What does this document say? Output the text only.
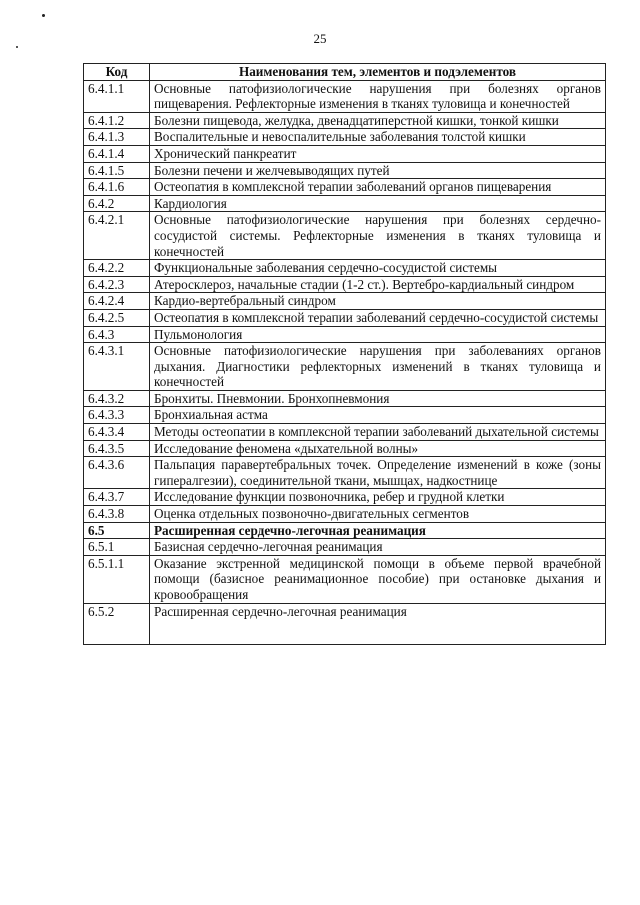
25
Код	Наименования тем, элементов и подэлементов
6.4.1.1	Основные патофизиологические нарушения при болезнях органов пищеварения. Рефлекторные изменения в тканях туловища и конечностей
6.4.1.2	Болезни пищевода, желудка, двенадцатиперстной кишки, тонкой кишки
6.4.1.3	Воспалительные и невоспалительные заболевания толстой кишки
6.4.1.4	Хронический панкреатит
6.4.1.5	Болезни печени и желчевыводящих путей
6.4.1.6	Остеопатия в комплексной терапии заболеваний органов пищеварения
6.4.2	Кардиология
6.4.2.1	Основные патофизиологические нарушения при болезнях сердечно-сосудистой системы. Рефлекторные изменения в тканях туловища и конечностей
6.4.2.2	Функциональные заболевания сердечно-сосудистой системы
6.4.2.3	Атеросклероз, начальные стадии (1-2 ст.). Вертебро-кардиальный синдром
6.4.2.4	Кардио-вертебральный синдром
6.4.2.5	Остеопатия в комплексной терапии заболеваний сердечно-сосудистой системы
6.4.3	Пульмонология
6.4.3.1	Основные патофизиологические нарушения при заболеваниях органов дыхания. Диагностики рефлекторных изменений в тканях туловища и конечностей
6.4.3.2	Бронхиты. Пневмонии. Бронхопневмония
6.4.3.3	Бронхиальная астма
6.4.3.4	Методы остеопатии в комплексной терапии заболеваний дыхательной системы
6.4.3.5	Исследование феномена «дыхательной волны»
6.4.3.6	Пальпация паравертебральных точек. Определение изменений в коже (зоны гипералгезии), соединительной ткани, мышцах, надкостнице
6.4.3.7	Исследование функции позвоночника, ребер и грудной клетки
6.4.3.8	Оценка отдельных позвоночно-двигательных сегментов
6.5	Расширенная сердечно-легочная реанимация
6.5.1	Базисная сердечно-легочная реанимация
6.5.1.1	Оказание экстренной медицинской помощи в объеме первой врачебной помощи (базисное реанимационное пособие) при остановке дыхания и кровообращения
6.5.2	Расширенная сердечно-легочная реанимация
